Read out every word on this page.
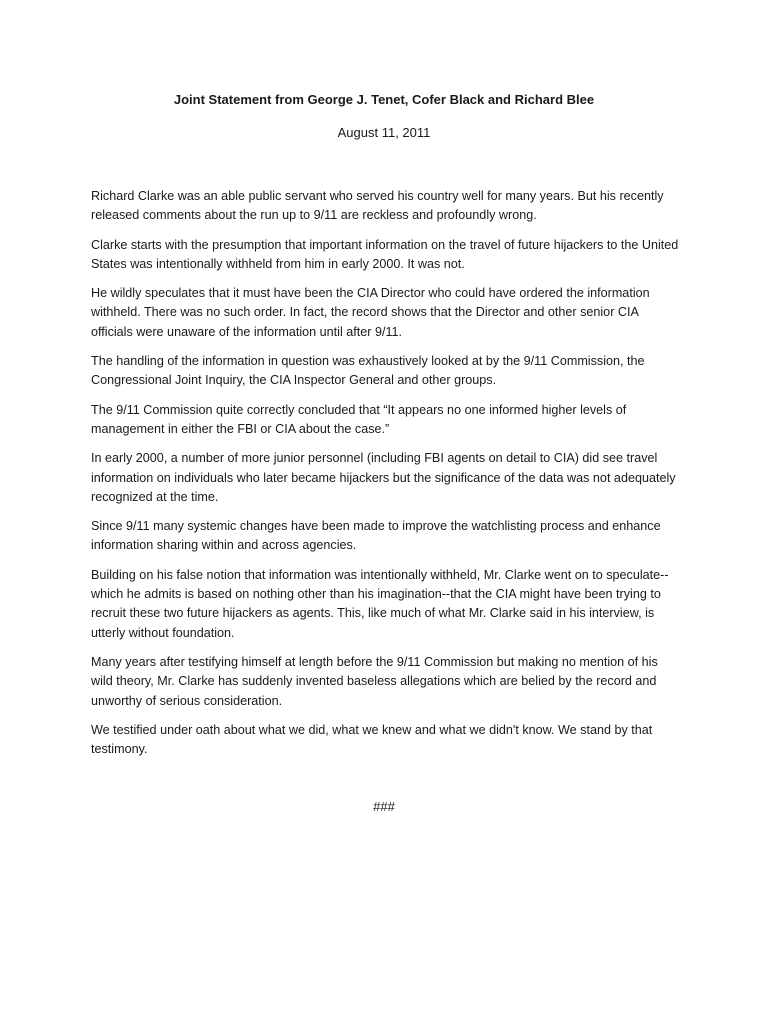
Joint Statement from George J. Tenet, Cofer Black and Richard Blee
August 11, 2011

Richard Clarke was an able public servant who served his country well for many years. But his recently released comments about the run up to 9/11 are reckless and profoundly wrong.

Clarke starts with the presumption that important information on the travel of future hijackers to the United States was intentionally withheld from him in early 2000. It was not.

He wildly speculates that it must have been the CIA Director who could have ordered the information withheld. There was no such order. In fact, the record shows that the Director and other senior CIA officials were unaware of the information until after 9/11.

The handling of the information in question was exhaustively looked at by the 9/11 Commission, the Congressional Joint Inquiry, the CIA Inspector General and other groups.

The 9/11 Commission quite correctly concluded that “It appears no one informed higher levels of management in either the FBI or CIA about the case.”

In early 2000, a number of more junior personnel (including FBI agents on detail to CIA) did see travel information on individuals who later became hijackers but the significance of the data was not adequately recognized at the time.

Since 9/11 many systemic changes have been made to improve the watchlisting process and enhance information sharing within and across agencies.

Building on his false notion that information was intentionally withheld, Mr. Clarke went on to speculate--which he admits is based on nothing other than his imagination--that the CIA might have been trying to recruit these two future hijackers as agents. This, like much of what Mr. Clarke said in his interview, is utterly without foundation.

Many years after testifying himself at length before the 9/11 Commission but making no mention of his wild theory, Mr. Clarke has suddenly invented baseless allegations which are belied by the record and unworthy of serious consideration.

We testified under oath about what we did, what we knew and what we didn't know. We stand by that testimony.

###
